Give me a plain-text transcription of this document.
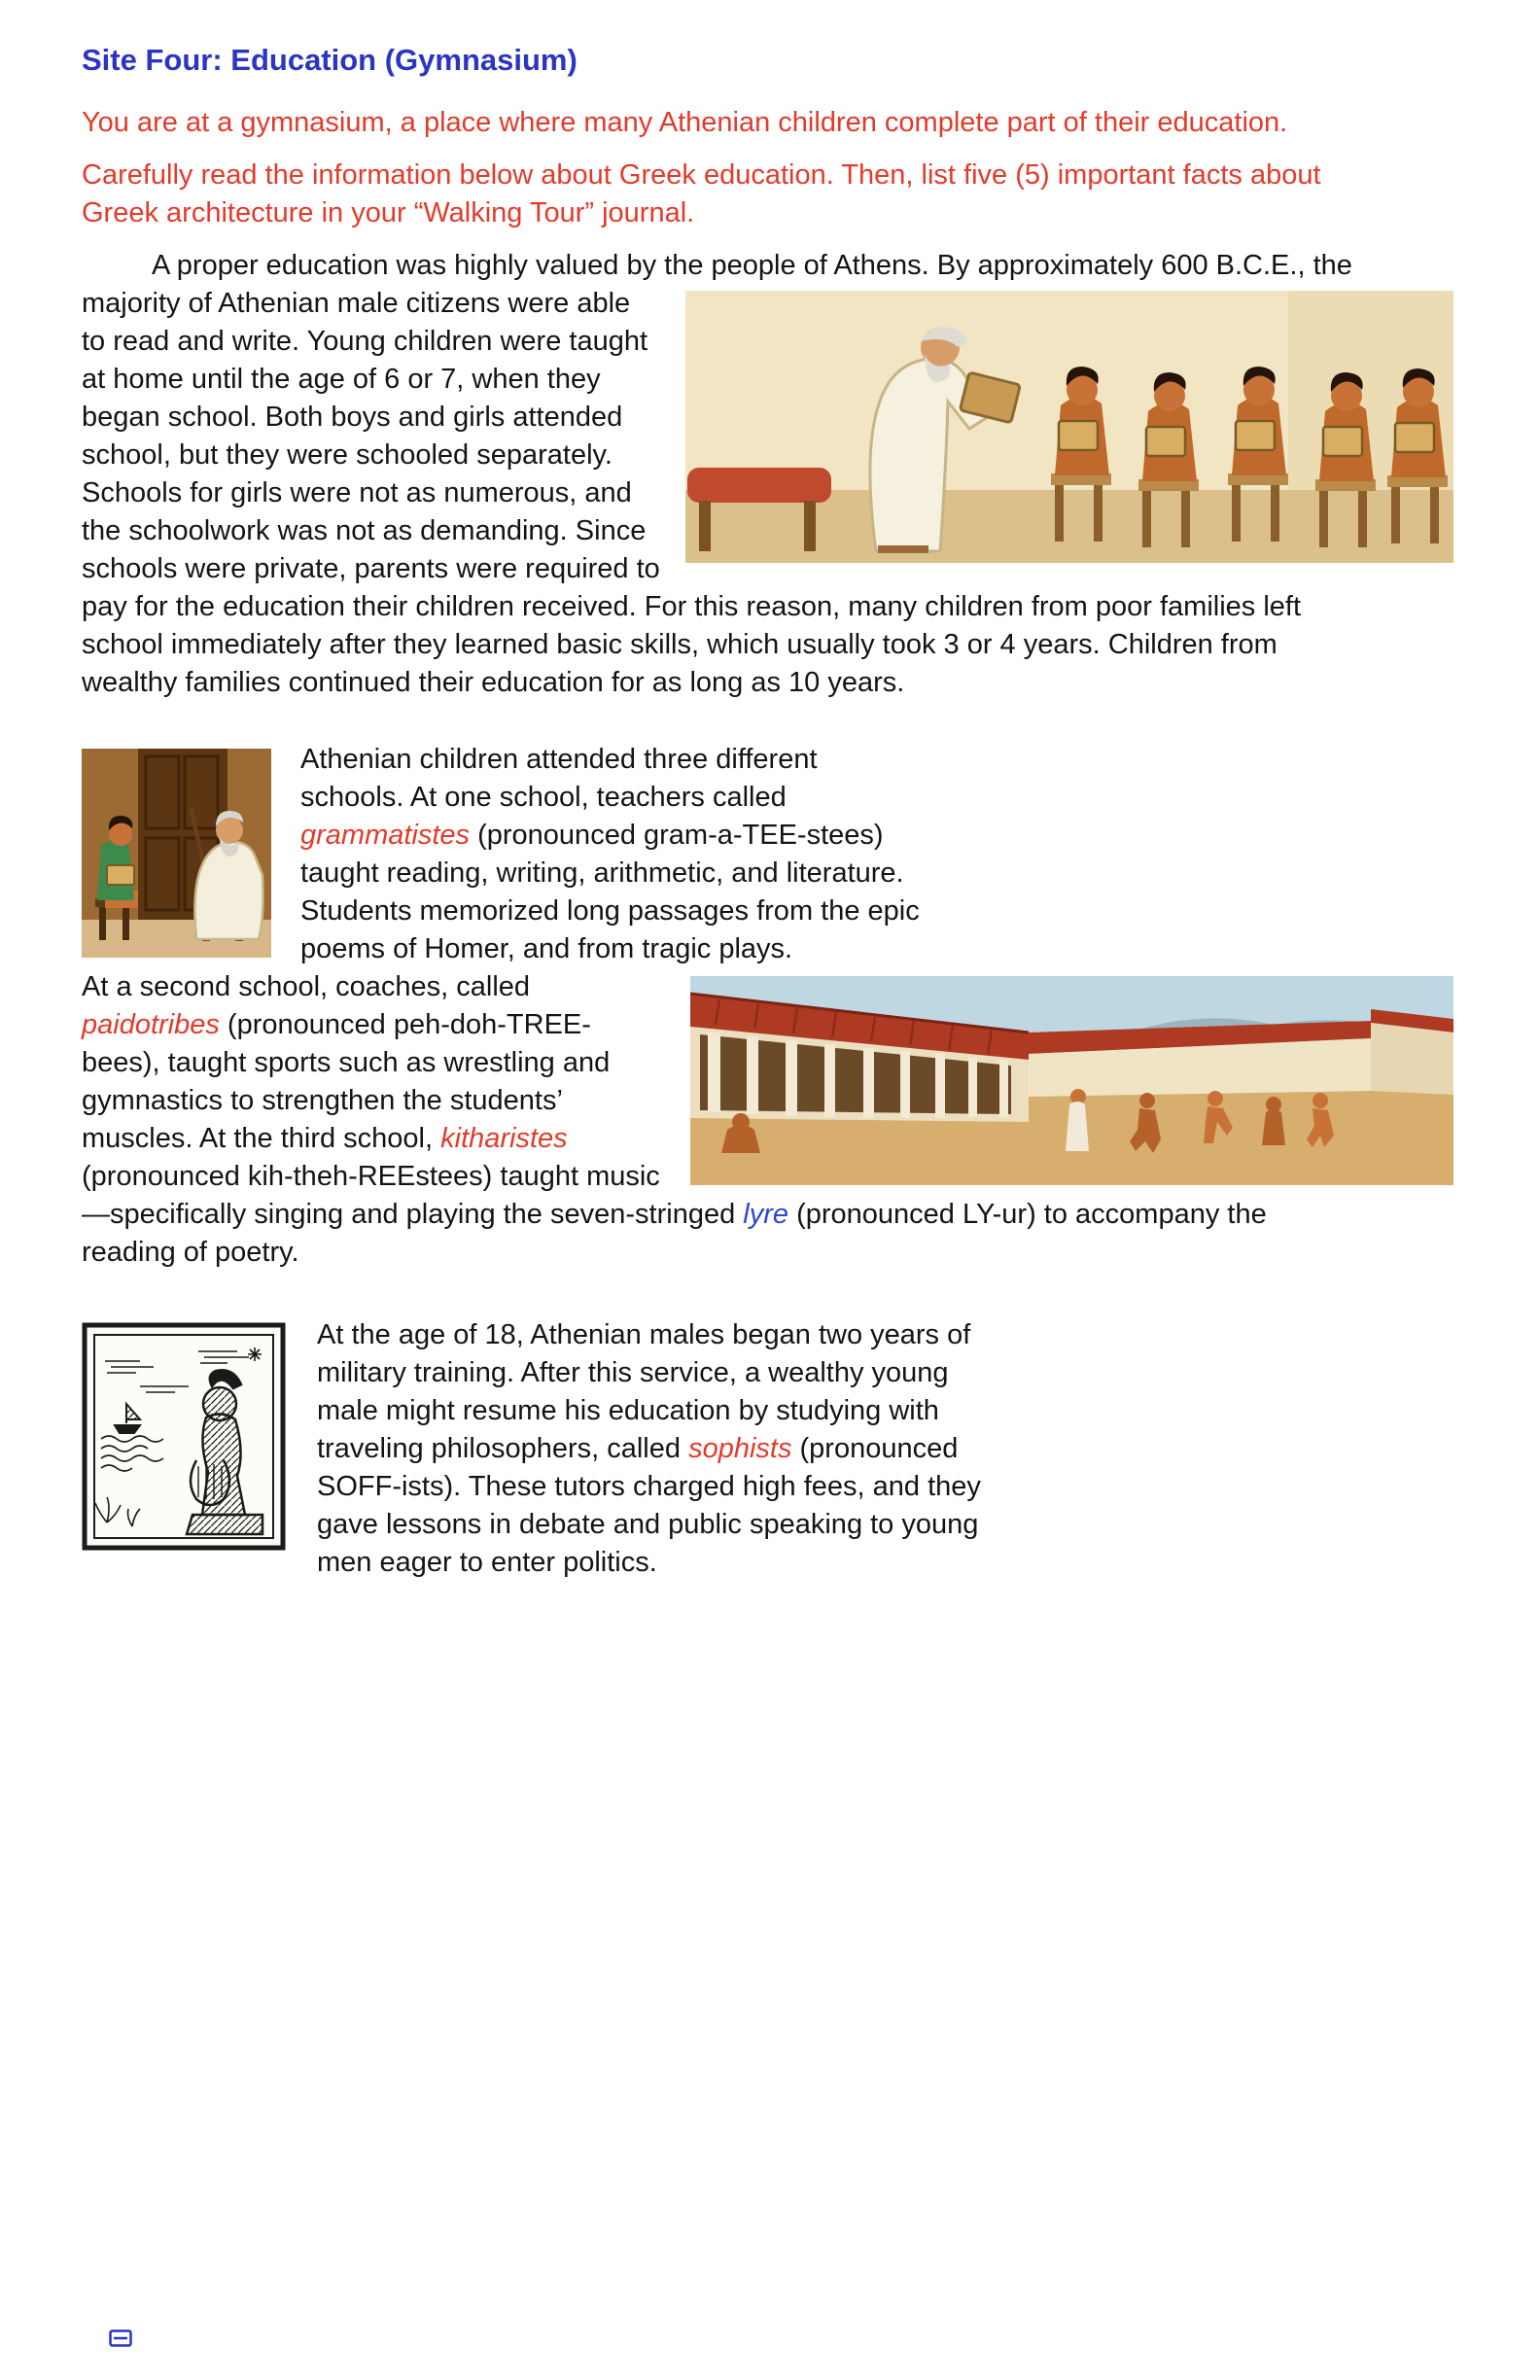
Site Four: Education (Gymnasium)

You are at a gymnasium, a place where many Athenian children complete part of their education.

Carefully read the information below about Greek education. Then, list five (5) important facts about Greek architecture in your “Walking Tour” journal.

A proper education was highly valued by the people of Athens. By
approximately 600 B.C.E., the majority of Athenian male citizens were able to read and write. Young children were taught at home until the age of 6 or 7, when they began school. Both boys and girls attended school, but they were schooled separately. Schools for girls were not as numerous, and the schoolwork was not as demanding. Since schools were private, parents were required to pay for the education their children received. For this reason, many children from poor families left school immediately after they learned basic skills, which usually took 3 or 4 years. Children from wealthy families continued their education for as long as 10 years.

Athenian children attended three different schools. At one school, teachers called grammatistes (pronounced gram-a-TEE-stees) taught reading, writing, arithmetic, and literature. Students memorized long passages from the epic poems of Homer, and from tragic plays.

At a second school, coaches, called paidotribes (pronounced peh-doh-TREE-bees), taught sports such as wrestling and gymnastics to strengthen the students’ muscles. At the third school, kitharistes (pronounced kih-theh-REEstees) taught music—specifically singing and playing the seven-stringed lyre (pronounced LY-ur) to accompany the reading of poetry.

At the age of 18, Athenian males began two years of military training. After this service, a wealthy young male might resume his education by studying with traveling philosophers, called sophists (pronounced SOFF-ists). These tutors charged high fees, and they gave lessons in debate and public speaking to young men eager to enter politics.
